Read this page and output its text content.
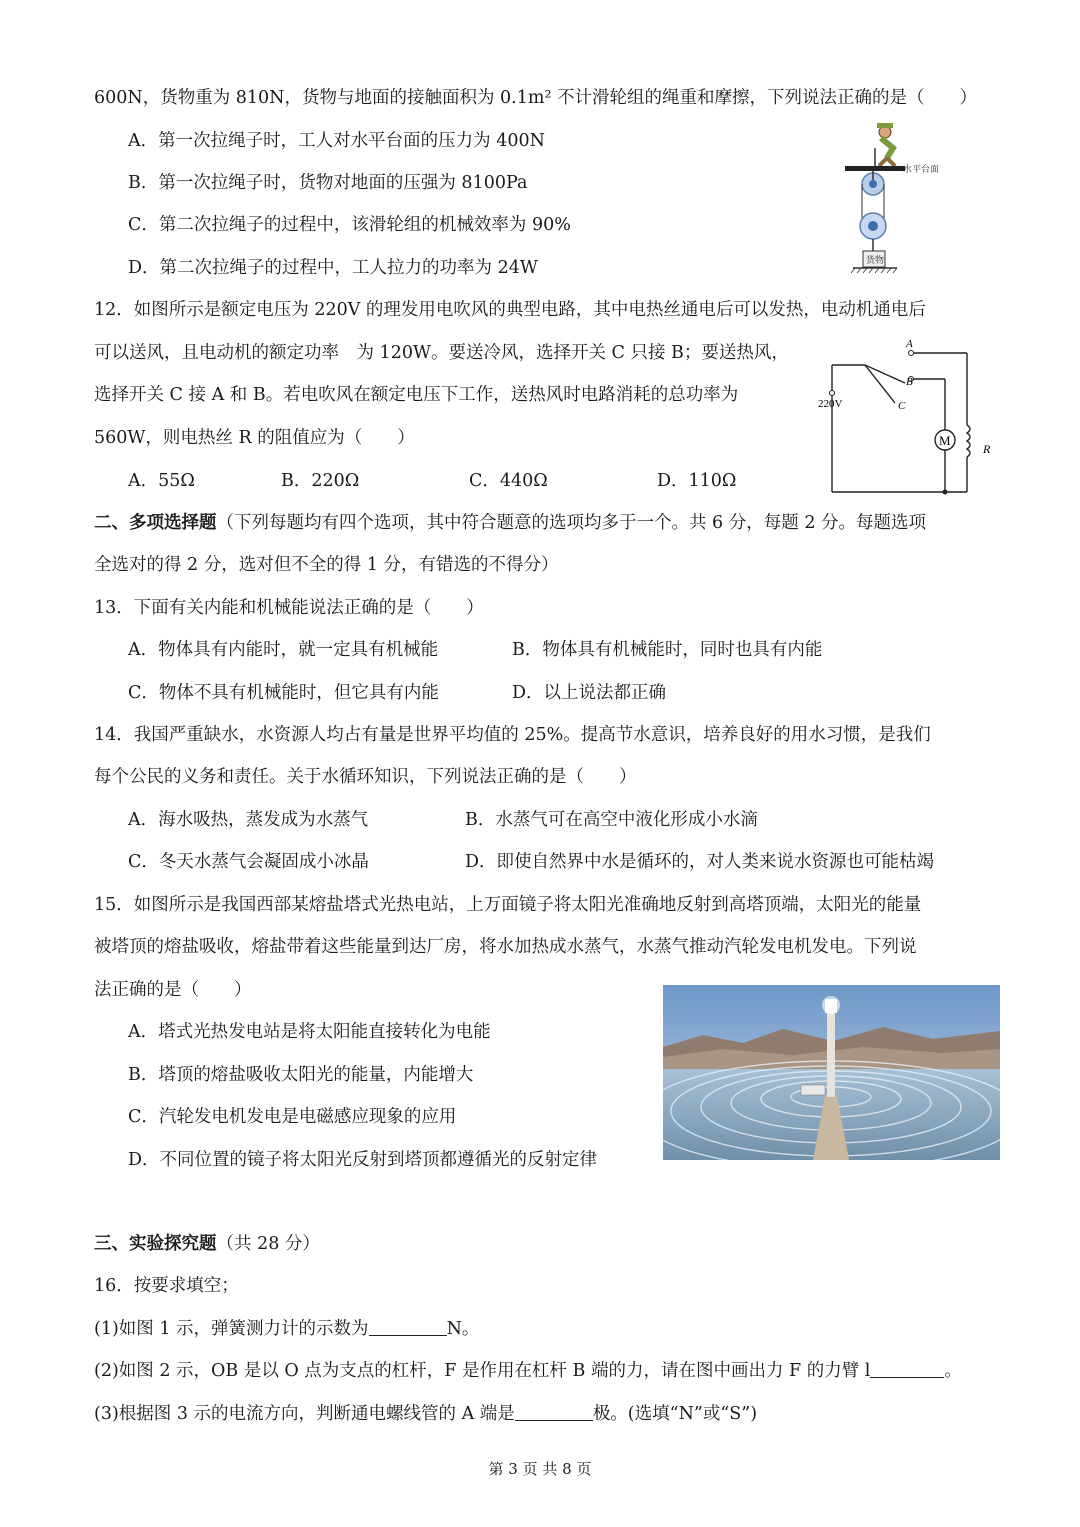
600N，货物重为 810N，货物与地面的接触面积为 0.1m² 不计滑轮组的绳重和摩擦，下列说法正确的是（　　）
A．第一次拉绳子时，工人对水平台面的压力为 400N
B．第一次拉绳子时，货物对地面的压强为 8100Pa
C．第二次拉绳子的过程中，该滑轮组的机械效率为 90%
D．第二次拉绳子的过程中，工人拉力的功率为 24W
水平台面
货物
12．如图所示是额定电压为 220V 的理发用电吹风的典型电路，其中电热丝通电后可以发热，电动机通电后
可以送风，且电动机的额定功率　为 120W。要送冷风，选择开关 C 只接 B；要送热风，
选择开关 C 接 A 和 B。若电吹风在额定电压下工作，送热风时电路消耗的总功率为
560W，则电热丝 R 的阻值应为（　　）
A．55Ω	B．220Ω	C．440Ω	D．110Ω
M
A
B
C
220V
R
二、多项选择题（下列每题均有四个选项，其中符合题意的选项均多于一个。共 6 分，每题 2 分。每题选项
全选对的得 2 分，选对但不全的得 1 分，有错选的不得分）
13．下面有关内能和机械能说法正确的是（　　）
A．物体具有内能时，就一定具有机械能	B．物体具有机械能时，同时也具有内能
C．物体不具有机械能时，但它具有内能	D．以上说法都正确
14．我国严重缺水，水资源人均占有量是世界平均值的 25%。提高节水意识，培养良好的用水习惯，是我们
每个公民的义务和责任。关于水循环知识，下列说法正确的是（　　）
A．海水吸热，蒸发成为水蒸气	B．水蒸气可在高空中液化形成小水滴
C．冬天水蒸气会凝固成小冰晶	D．即使自然界中水是循环的，对人类来说水资源也可能枯竭
15．如图所示是我国西部某熔盐塔式光热电站，上万面镜子将太阳光准确地反射到高塔顶端，太阳光的能量
被塔顶的熔盐吸收，熔盐带着这些能量到达厂房，将水加热成水蒸气，水蒸气推动汽轮发电机发电。下列说
法正确的是（　　）
A．塔式光热发电站是将太阳能直接转化为电能
B．塔顶的熔盐吸收太阳光的能量，内能增大
C．汽轮发电机发电是电磁感应现象的应用
D．不同位置的镜子将太阳光反射到塔顶都遵循光的反射定律
三、实验探究题（共 28 分）
16．按要求填空；
(1)如图 1 示，弹簧测力计的示数为	N。
(2)如图 2 示，OB 是以 O 点为支点的杠杆，F 是作用在杠杆 B 端的力，请在图中画出力 F 的力臂 l	。
(3)根据图 3 示的电流方向，判断通电螺线管的 A 端是	极。(选填“N”或“S”)
第 3 页 共 8 页
